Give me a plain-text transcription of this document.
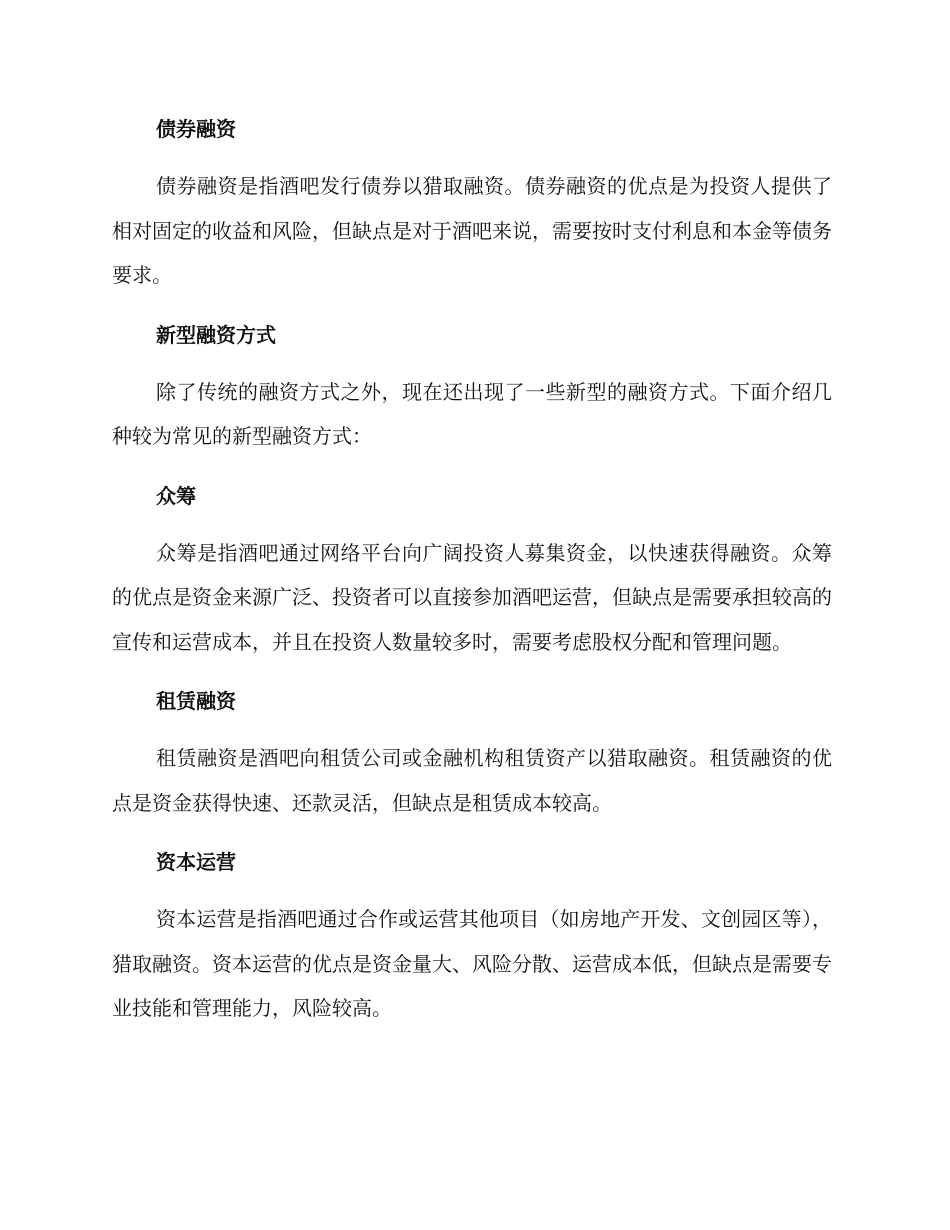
债券融资

债券融资是指酒吧发行债券以猎取融资。债券融资的优点是为投资人提供了相对固定的收益和风险，但缺点是对于酒吧来说，需要按时支付利息和本金等债务要求。

新型融资方式

除了传统的融资方式之外，现在还出现了一些新型的融资方式。下面介绍几种较为常见的新型融资方式：

众筹

众筹是指酒吧通过网络平台向广阔投资人募集资金，以快速获得融资。众筹的优点是资金来源广泛、投资者可以直接参加酒吧运营，但缺点是需要承担较高的宣传和运营成本，并且在投资人数量较多时，需要考虑股权分配和管理问题。

租赁融资

租赁融资是酒吧向租赁公司或金融机构租赁资产以猎取融资。租赁融资的优点是资金获得快速、还款灵活，但缺点是租赁成本较高。

资本运营

资本运营是指酒吧通过合作或运营其他项目（如房地产开发、文创园区等），猎取融资。资本运营的优点是资金量大、风险分散、运营成本低，但缺点是需要专业技能和管理能力，风险较高。
